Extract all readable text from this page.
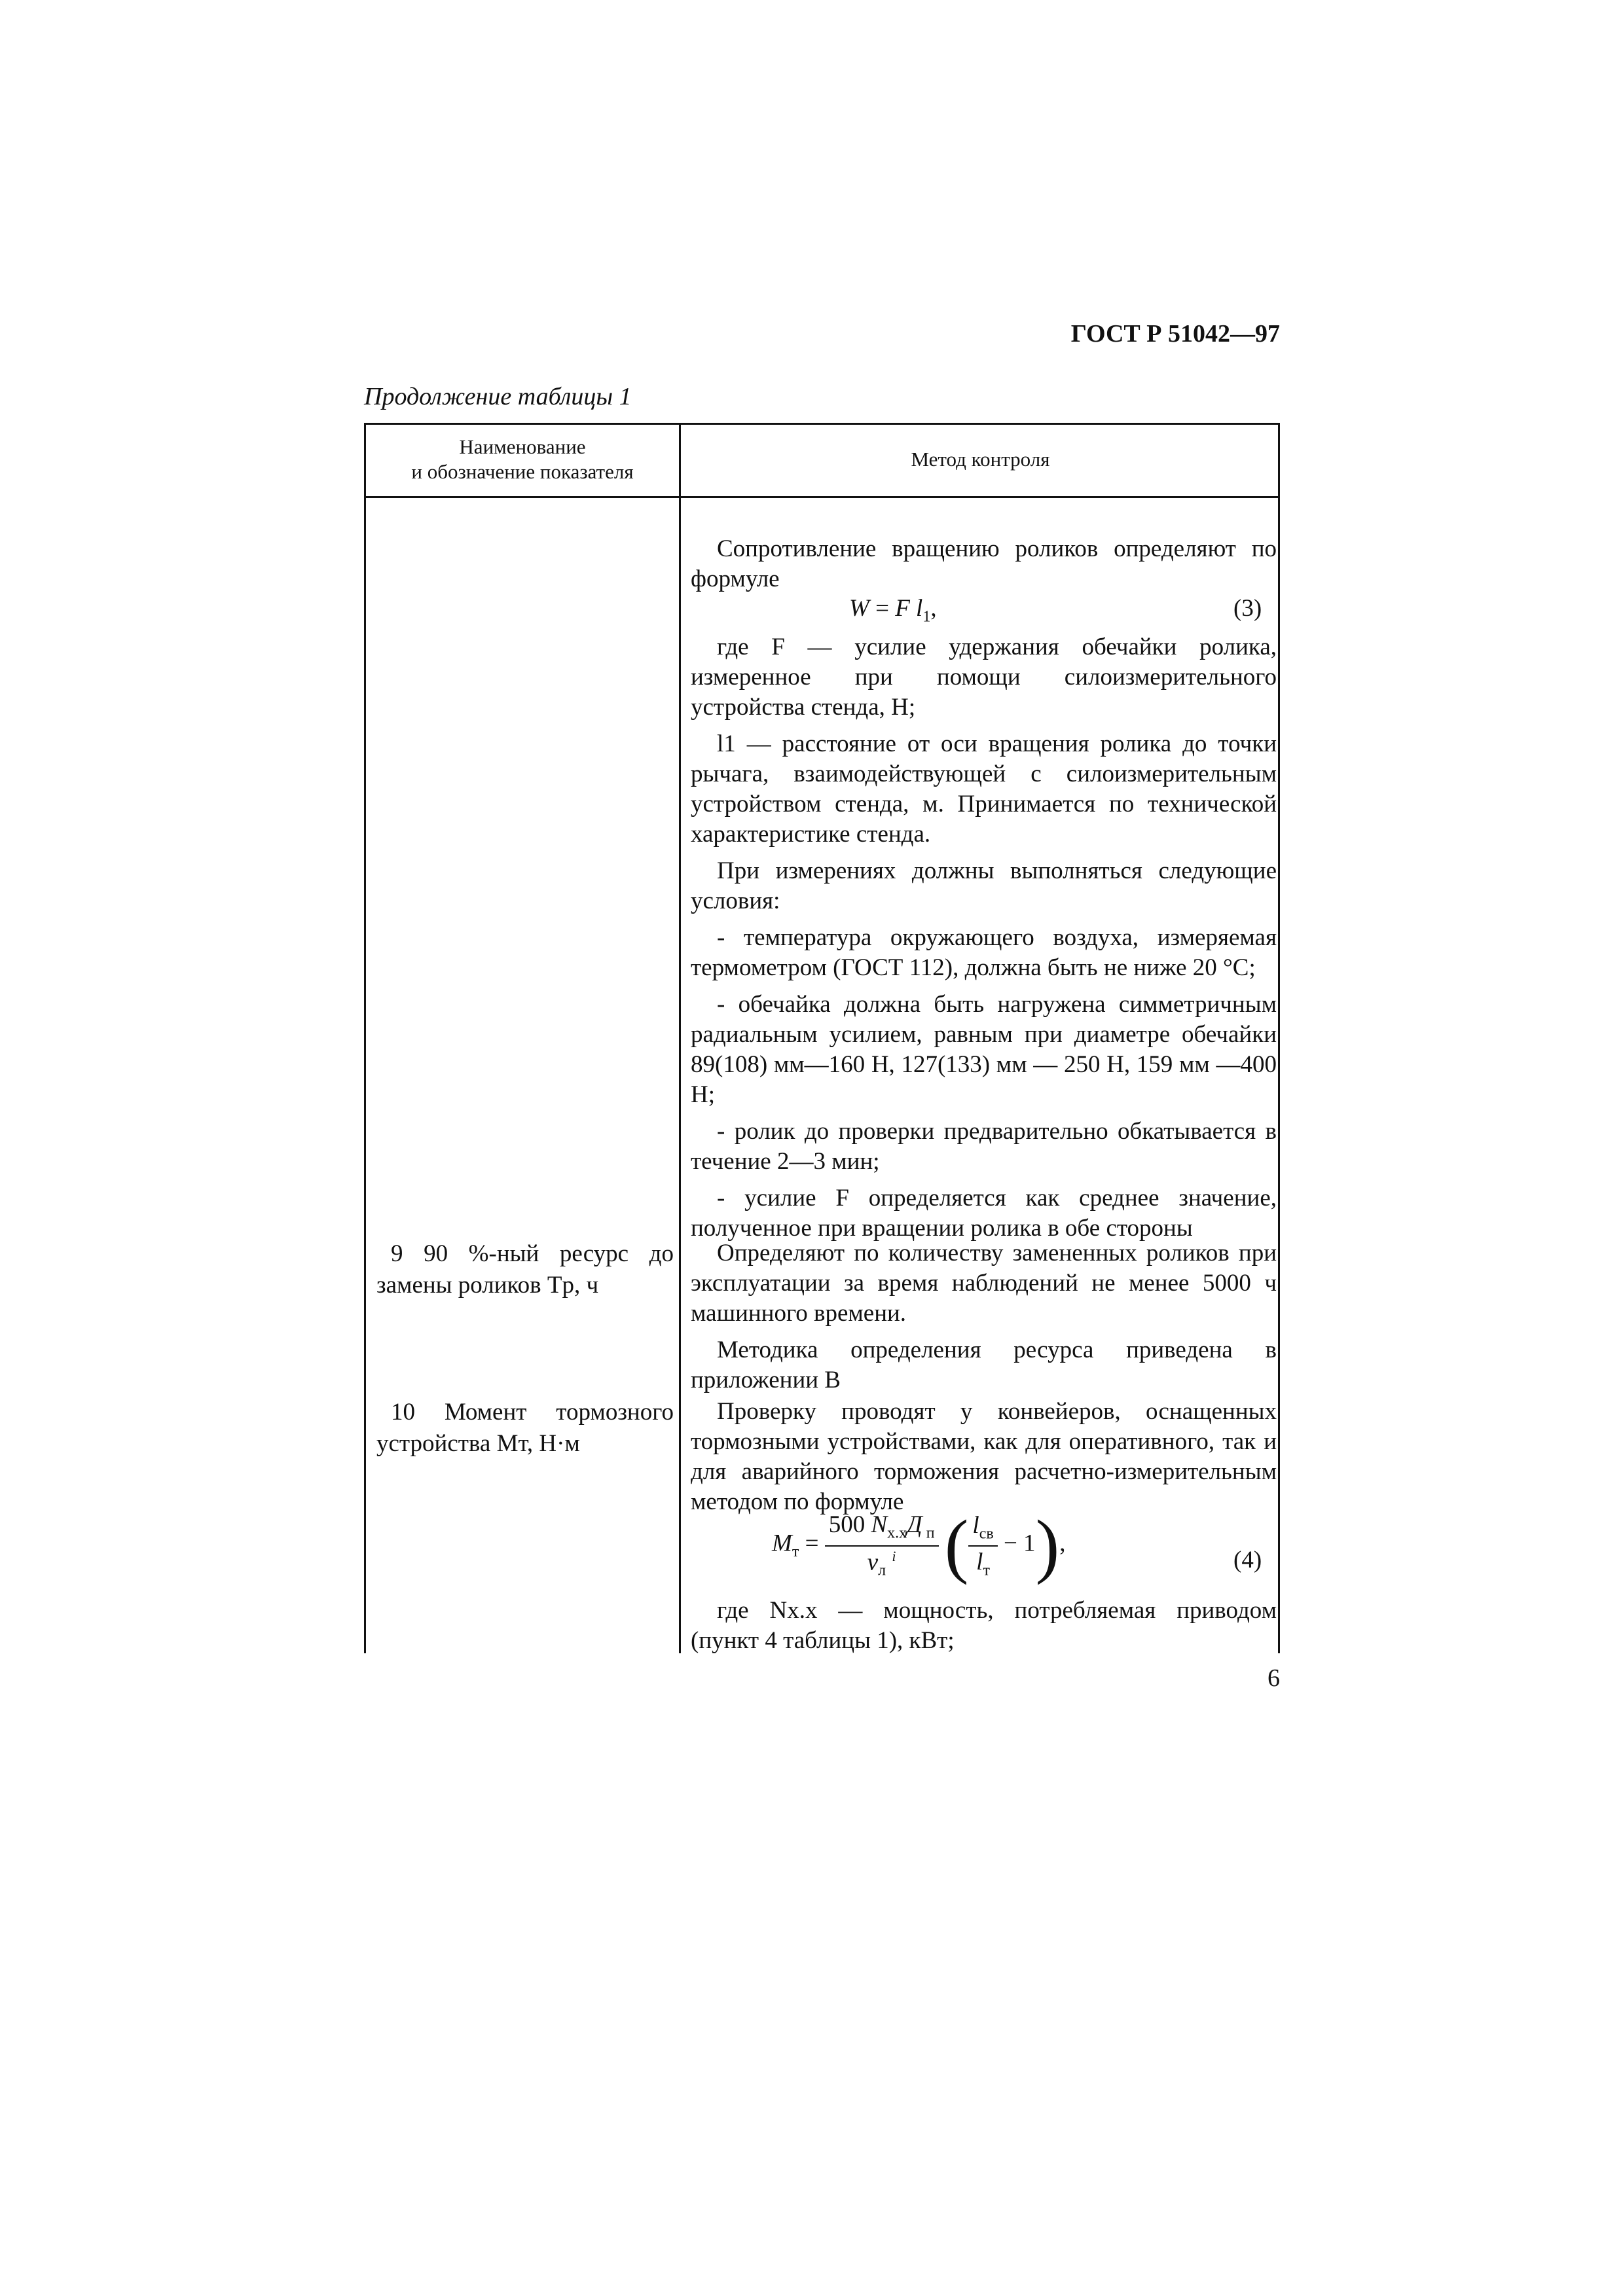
ГОСТ Р 51042—97
Продолжение таблицы 1
Наименование
и обозначение показателя
Метод контроля

Сопротивление вращению роликов определяют по формуле

W = F $l_1$,	(3)

где F — усилие удержания обечайки ролика, измеренное при помощи силоизмерительного устройства стенда, Н;

l1 — расстояние от оси вращения ролика до точки рычага, взаимодействующей с силоизмерительным устройством стенда, м. Принимается по технической характеристике стенда.

При измерениях должны выполняться следующие условия:

- температура окружающего воздуха, измеряемая термометром (ГОСТ 112), должна быть не ниже 20 °С;

- обечайка должна быть нагружена симметричным радиальным усилием, равным при диаметре обечайки 89(108) мм—160 Н, 127(133) мм — 250 Н, 159 мм —400 Н;

- ролик до проверки предварительно обкатывается в течение 2—3 мин;

- усилие F определяется как среднее значение, полученное при вращении ролика в обе стороны

9 90 %-ный ресурс до замены роликов Tр, ч

Определяют по количеству замененных роликов при эксплуатации за время наблюдений не менее 5000 ч машинного времени.

Методика определения ресурса приведена в приложении В

10 Момент тормозного устройства Mт, Н·м

Проверку проводят у конвейеров, оснащенных тормозными устройствами, как для оперативного, так и для аварийного торможения расчетно-измерительным методом по формуле

$M_т = \frac{500 N_{х.х}Д _п}{v_л ^i}$ ( $\frac{l_{св}}{l_т} - 1$),
(4)

где Nх.х — мощность, потребляемая приводом (пункт 4 таблицы 1), кВт;

6
